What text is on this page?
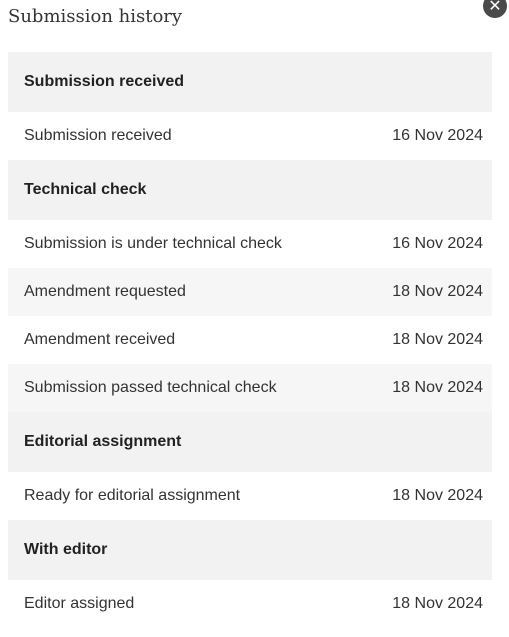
Submission history
✕
Submission received
Submission received	16 Nov 2024
Technical check
Submission is under technical check	16 Nov 2024
Amendment requested	18 Nov 2024
Amendment received	18 Nov 2024
Submission passed technical check	18 Nov 2024
Editorial assignment
Ready for editorial assignment	18 Nov 2024
With editor
Editor assigned	18 Nov 2024
